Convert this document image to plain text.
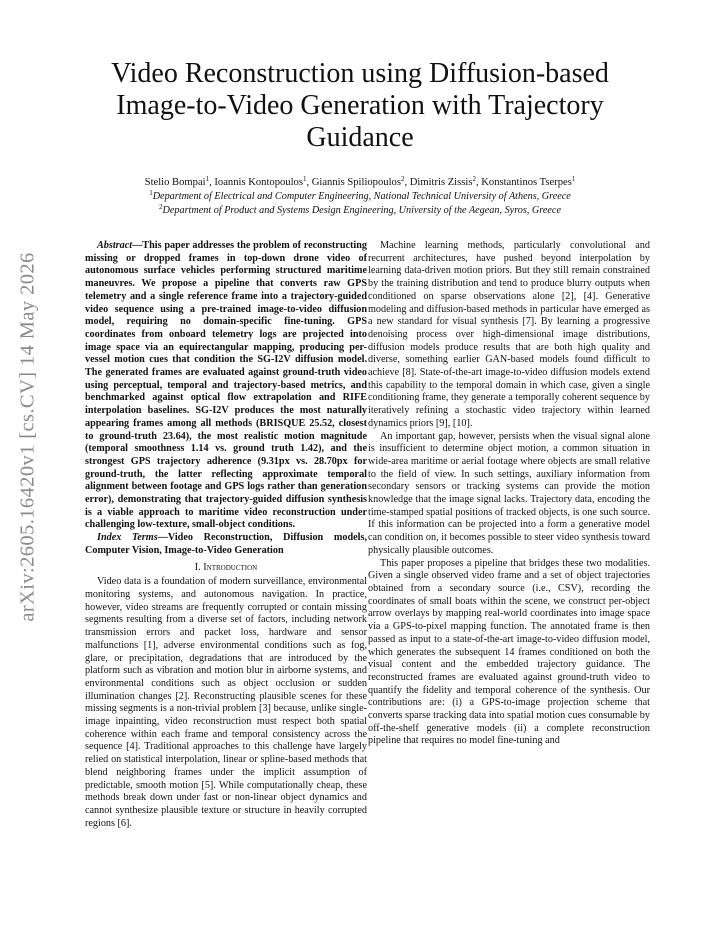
arXiv:2605.16420v1 [cs.CV] 14 May 2026
Video Reconstruction using Diffusion-based Image-to-Video Generation with Trajectory Guidance
Stelio Bompai$^1$, Ioannis Kontopoulos$^1$, Giannis Spiliopoulos$^2$, Dimitris Zissis$^2$, Konstantinos Tserpes$^1$
$^1$Department of Electrical and Computer Engineering, National Technical University of Athens, Greece
$^2$Department of Product and Systems Design Engineering, University of the Aegean, Syros, Greece

Abstract—This paper addresses the problem of reconstructing missing or dropped frames in top-down drone video of autonomous surface vehicles performing structured maritime maneuvres. We propose a pipeline that converts raw GPS telemetry and a single reference frame into a trajectory-guided video sequence using a pre-trained image-to-video diffusion model, requiring no domain-specific fine-tuning. GPS coordinates from onboard telemetry logs are projected into image space via an equirectangular mapping, producing per-vessel motion cues that condition the SG-I2V diffusion model. The generated frames are evaluated against ground-truth video using perceptual, temporal and trajectory-based metrics, and benchmarked against optical flow extrapolation and RIFE interpolation baselines. SG-I2V produces the most naturally appearing frames among all methods (BRISQUE 25.52, closest to ground-truth 23.64), the most realistic motion magnitude (temporal smoothness 1.14 vs. ground truth 1.42), and the strongest GPS trajectory adherence (9.31px vs. 28.70px for ground-truth, the latter reflecting approximate temporal alignment between footage and GPS logs rather than generation error), demonstrating that trajectory-guided diffusion synthesis is a viable approach to maritime video reconstruction under challenging low-texture, small-object conditions.

Index Terms—Video Reconstruction, Diffusion models, Computer Vision, Image-to-Video Generation

I. Introduction

Video data is a foundation of modern surveillance, environmental monitoring systems, and autonomous navigation. In practice, however, video streams are frequently corrupted or contain missing segments resulting from a diverse set of factors, including network transmission errors and packet loss, hardware and sensor malfunctions [1], adverse environmental conditions such as fog, glare, or precipitation, degradations that are introduced by the platform such as vibration and motion blur in airborne systems, and environmental conditions such as object occlusion or sudden illumination changes [2]. Reconstructing plausible scenes for these missing segments is a non-trivial problem [3] because, unlike single-image inpainting, video reconstruction must respect both spatial coherence within each frame and temporal consistency across the sequence [4]. Traditional approaches to this challenge have largely relied on statistical interpolation, linear or spline-based methods that blend neighboring frames under the implicit assumption of predictable, smooth motion [5]. While computationally cheap, these methods break down under fast or non-linear object dynamics and cannot synthesize plausible texture or structure in heavily corrupted regions [6].

Machine learning methods, particularly convolutional and recurrent architectures, have pushed beyond interpolation by learning data-driven motion priors. But they still remain constrained by the training distribution and tend to produce blurry outputs when conditioned on sparse observations alone [2], [4]. Generative modeling and diffusion-based methods in particular have emerged as a new standard for visual synthesis [7]. By learning a progressive denoising process over high-dimensional image distributions, diffusion models produce results that are both high quality and diverse, something earlier GAN-based models found difficult to achieve [8]. State-of-the-art image-to-video diffusion models extend this capability to the temporal domain in which case, given a single conditioning frame, they generate a temporally coherent sequence by iteratively refining a stochastic video trajectory within learned dynamics priors [9], [10].

An important gap, however, persists when the visual signal alone is insufficient to determine object motion, a common situation in wide-area maritime or aerial footage where objects are small relative to the field of view. In such settings, auxiliary information from secondary sensors or tracking systems can provide the motion knowledge that the image signal lacks. Trajectory data, encoding the time-stamped spatial positions of tracked objects, is one such source. If this information can be projected into a form a generative model can condition on, it becomes possible to steer video synthesis toward physically plausible outcomes.

This paper proposes a pipeline that bridges these two modalities. Given a single observed video frame and a set of object trajectories obtained from a secondary source (i.e., CSV), recording the coordinates of small boats within the scene, we construct per-object arrow overlays by mapping real-world coordinates into image space via a GPS-to-pixel mapping function. The annotated frame is then passed as input to a state-of-the-art image-to-video diffusion model, which generates the subsequent 14 frames conditioned on both the visual content and the embedded trajectory guidance. The reconstructed frames are evaluated against ground-truth video to quantify the fidelity and temporal coherence of the synthesis. Our contributions are: (i) a GPS-to-image projection scheme that converts sparse tracking data into spatial motion cues consumable by off-the-shelf generative models (ii) a complete reconstruction pipeline that requires no model fine-tuning and
